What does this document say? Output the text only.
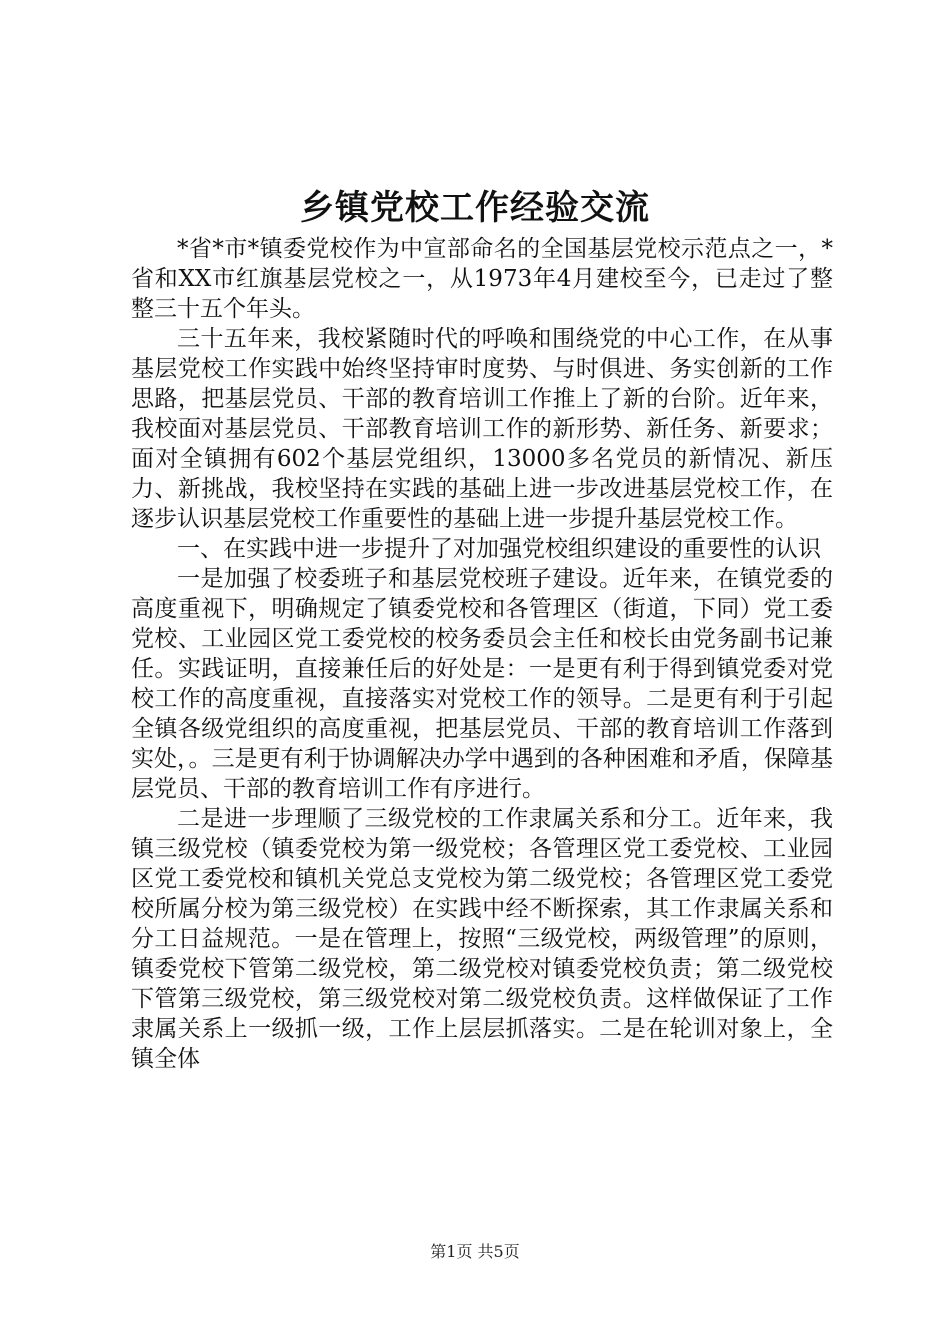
乡镇党校工作经验交流

*省*市*镇委党校作为中宣部命名的全国基层党校示范点之一，*省和XX市红旗基层党校之一，从1973年4月建校至今，已走过了整整三十五个年头。

三十五年来，我校紧随时代的呼唤和围绕党的中心工作，在从事基层党校工作实践中始终坚持审时度势、与时俱进、务实创新的工作思路，把基层党员、干部的教育培训工作推上了新的台阶。近年来，我校面对基层党员、干部教育培训工作的新形势、新任务、新要求；面对全镇拥有602个基层党组织，13000多名党员的新情况、新压力、新挑战，我校坚持在实践的基础上进一步改进基层党校工作，在逐步认识基层党校工作重要性的基础上进一步提升基层党校工作。

一、在实践中进一步提升了对加强党校组织建设的重要性的认识

一是加强了校委班子和基层党校班子建设。近年来，在镇党委的高度重视下，明确规定了镇委党校和各管理区（街道，下同）党工委党校、工业园区党工委党校的校务委员会主任和校长由党务副书记兼任。实践证明，直接兼任后的好处是：一是更有利于得到镇党委对党校工作的高度重视，直接落实对党校工作的领导。二是更有利于引起全镇各级党组织的高度重视，把基层党员、干部的教育培训工作落到实处，。三是更有利于协调解决办学中遇到的各种困难和矛盾，保障基层党员、干部的教育培训工作有序进行。

二是进一步理顺了三级党校的工作隶属关系和分工。近年来，我镇三级党校（镇委党校为第一级党校；各管理区党工委党校、工业园区党工委党校和镇机关党总支党校为第二级党校；各管理区党工委党校所属分校为第三级党校）在实践中经不断探索，其工作隶属关系和分工日益规范。一是在管理上，按照“三级党校，两级管理”的原则，镇委党校下管第二级党校，第二级党校对镇委党校负责；第二级党校下管第三级党校，第三级党校对第二级党校负责。这样做保证了工作隶属关系上一级抓一级，工作上层层抓落实。二是在轮训对象上，全镇全体

第1页 共5页
